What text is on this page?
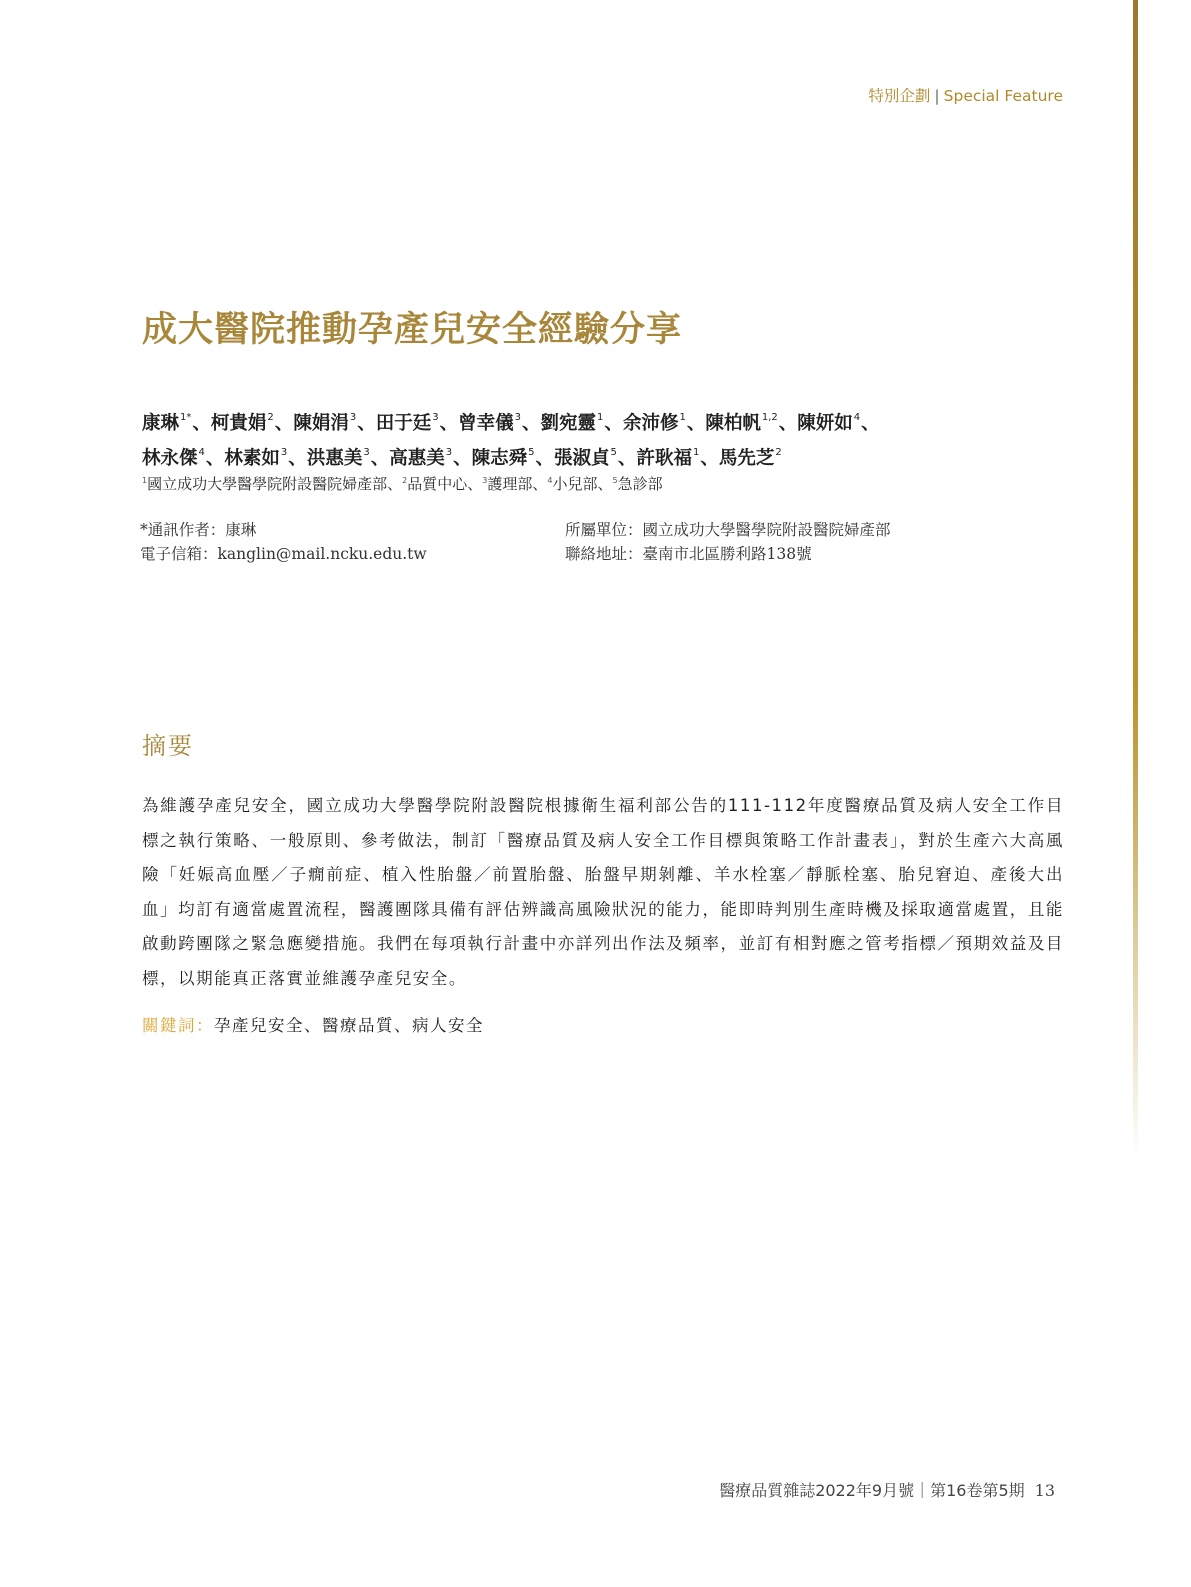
特別企劃 | Special Feature
成大醫院推動孕產兒安全經驗分享
康琳$^{1*}$、柯貴娟$^2$、陳娟涓$^3$、田于廷$^3$、曾幸儀$^3$、劉宛靈$^1$、余沛修$^1$、陳柏帆$^{1,2}$、陳妍如$^4$、
林永傑$^4$、林素如$^3$、洪惠美$^3$、高惠美$^3$、陳志舜$^5$、張淑貞$^5$、許耿福$^1$、馬先芝$^2$
$^1$國立成功大學醫學院附設醫院婦產部、$^2$品質中心、$^3$護理部、$^4$小兒部、$^5$急診部
*通訊作者：康琳
電子信箱：kanglin@mail.ncku.edu.tw
所屬單位：國立成功大學醫學院附設醫院婦產部
聯絡地址：臺南市北區勝利路138號
摘要

為維護孕產兒安全，國立成功大學醫學院附設醫院根據衛生福利部公告的111-112年度醫療品質及病人安全工作目標之執行策略、一般原則、參考做法，制訂「醫療品質及病人安全工作目標與策略工作計畫表」，對於生產六大高風險「妊娠高血壓／子癇前症、植入性胎盤／前置胎盤、胎盤早期剝離、羊水栓塞／靜脈栓塞、胎兒窘迫、產後大出血」均訂有適當處置流程，醫護團隊具備有評估辨識高風險狀況的能力，能即時判別生產時機及採取適當處置，且能啟動跨團隊之緊急應變措施。我們在每項執行計畫中亦詳列出作法及頻率，並訂有相對應之管考指標／預期效益及目標，以期能真正落實並維護孕產兒安全。

關鍵詞：孕產兒安全、醫療品質、病人安全
醫療品質雜誌2022年9月號｜第16卷第5期 13
